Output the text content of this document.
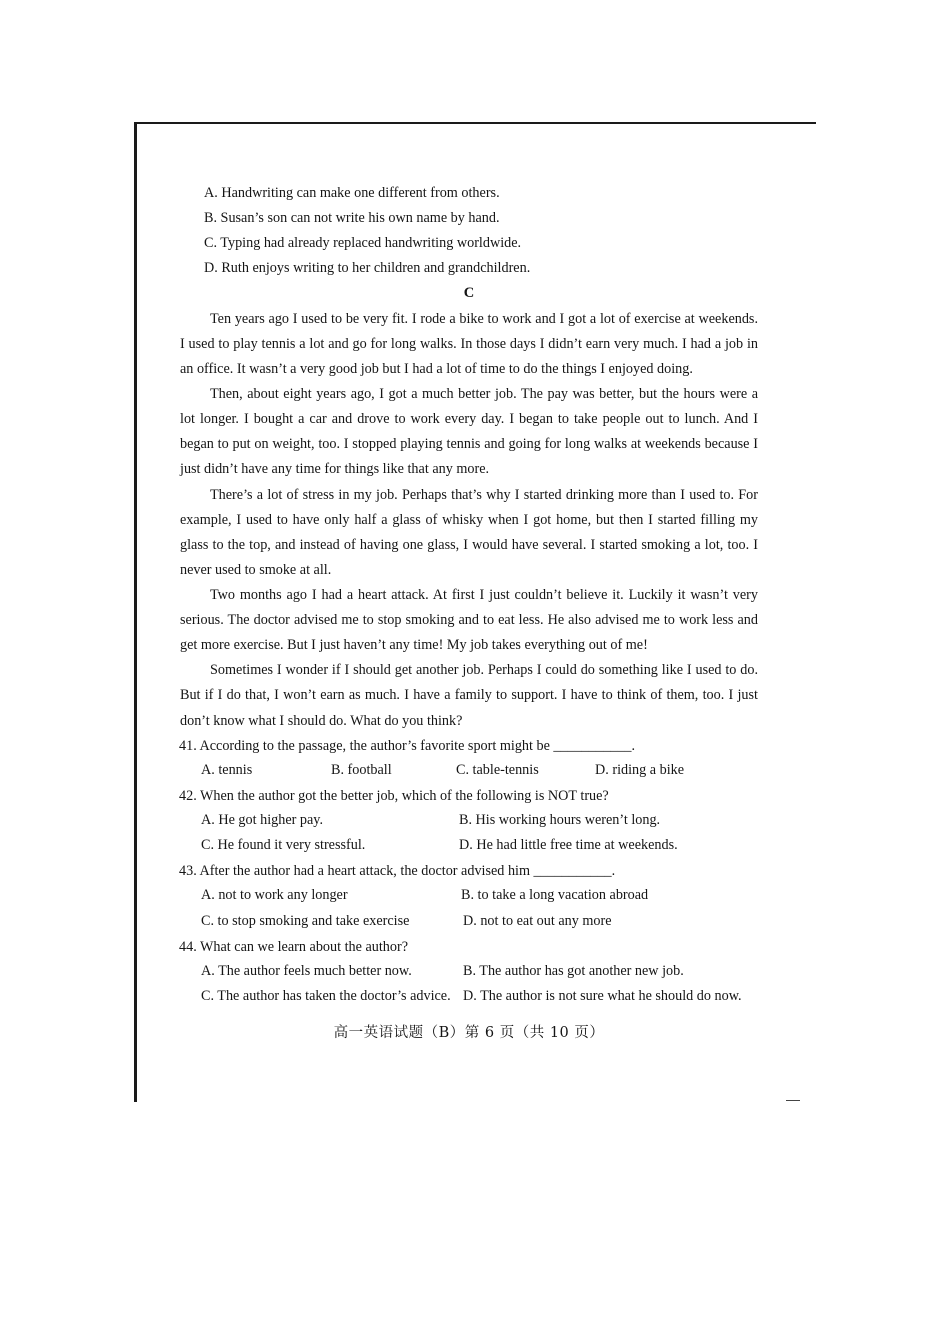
A. Handwriting can make one different from others.
B. Susan’s son can not write his own name by hand.
C. Typing had already replaced handwriting worldwide.
D. Ruth enjoys writing to her children and grandchildren.
C
Ten years ago I used to be very fit. I rode a bike to work and I got a lot of exercise at weekends.
I used to play tennis a lot and go for long walks. In those days I didn’t earn very much. I had a job in
an office. It wasn’t a very good job but I had a lot of time to do the things I enjoyed doing.
Then, about eight years ago, I got a much better job. The pay was better, but the hours were a
lot longer. I bought a car and drove to work every day. I began to take people out to lunch. And I
began to put on weight, too. I stopped playing tennis and going for long walks at weekends because I
just didn’t have any time for things like that any more.
There’s a lot of stress in my job. Perhaps that’s why I started drinking more than I used to. For
example, I used to have only half a glass of whisky when I got home, but then I started filling my
glass to the top, and instead of having one glass, I would have several. I started smoking a lot, too. I
never used to smoke at all.
Two months ago I had a heart attack. At first I just couldn’t believe it. Luckily it wasn’t very
serious. The doctor advised me to stop smoking and to eat less. He also advised me to work less and
get more exercise. But I just haven’t any time! My job takes everything out of me!
Sometimes I wonder if I should get another job. Perhaps I could do something like I used to do.
But if I do that, I won’t earn as much. I have a family to support. I have to think of them, too. I just
don’t know what I should do. What do you think?
41. According to the passage, the author’s favorite sport might be ___________.
A. tennis	B. football	C. table-tennis	D. riding a bike
42. When the author got the better job, which of the following is NOT true?
A. He got higher pay.	B. His working hours weren’t long.
C. He found it very stressful.	D. He had little free time at weekends.
43. After the author had a heart attack, the doctor advised him ___________.
A. not to work any longer	B. to take a long vacation abroad
C. to stop smoking and take exercise	D. not to eat out any more
44. What can we learn about the author?
A. The author feels much better now.	B. The author has got another new job.
C. The author has taken the doctor’s advice. D. The author is not sure what he should do now.
高一英语试题（B）第 6 页（共 10 页）
